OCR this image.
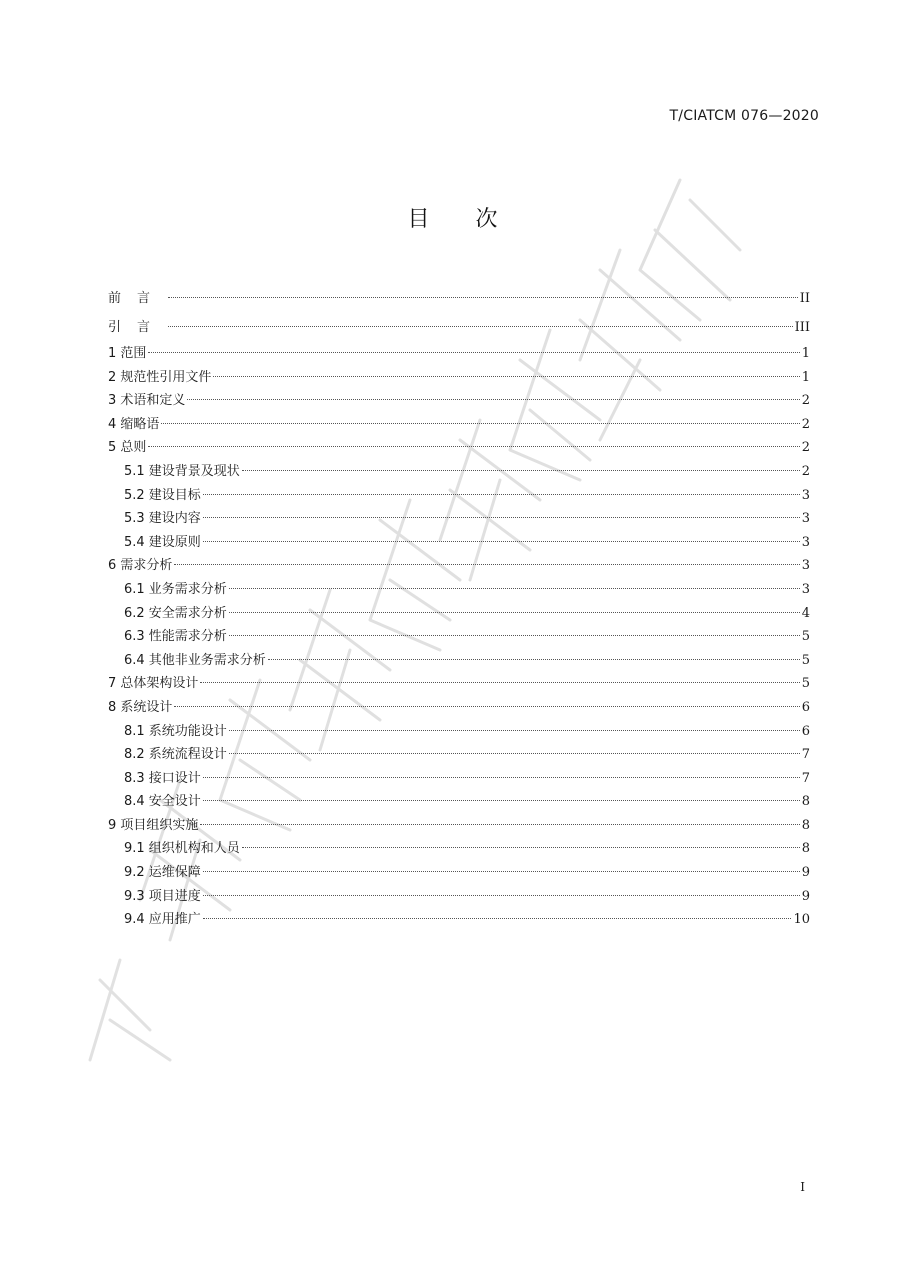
T/CIATCM 076—2020
目次
前言	II
引言	III
1 范围	1
2 规范性引用文件	1
3 术语和定义	2
4 缩略语	2
5 总则	2
5.1 建设背景及现状	2
5.2 建设目标	3
5.3 建设内容	3
5.4 建设原则	3
6 需求分析	3
6.1 业务需求分析	3
6.2 安全需求分析	4
6.3 性能需求分析	5
6.4 其他非业务需求分析	5
7 总体架构设计	5
8 系统设计	6
8.1 系统功能设计	6
8.2 系统流程设计	7
8.3 接口设计	7
8.4 安全设计	8
9 项目组织实施	8
9.1 组织机构和人员	8
9.2 运维保障	9
9.3 项目进度	9
9.4 应用推广	10
I
